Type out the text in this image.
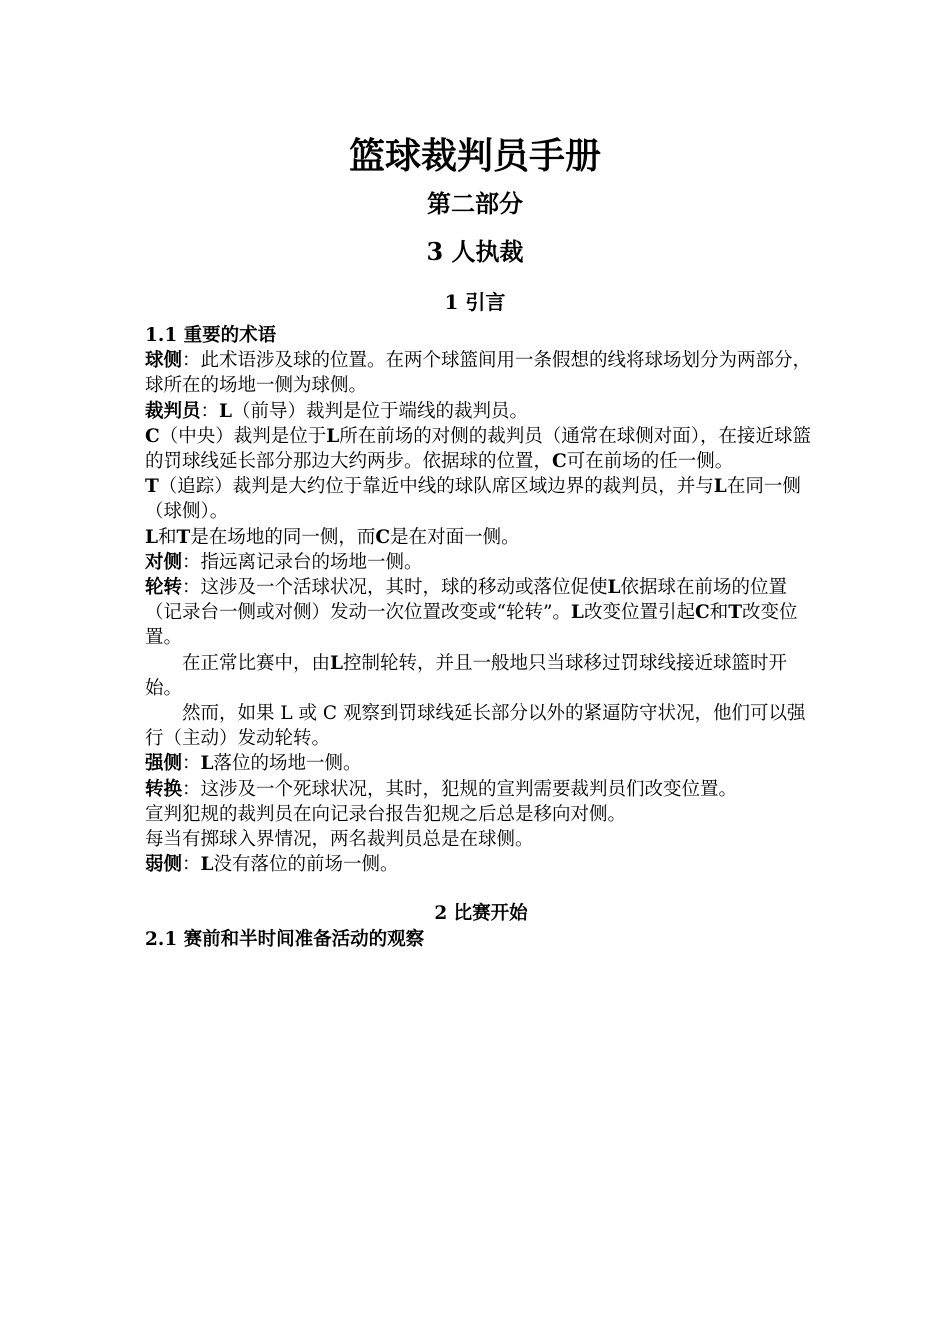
篮球裁判员手册
第二部分
3 人执裁
1 引言

1.1 重要的术语

球侧：此术语涉及球的位置。在两个球篮间用一条假想的线将球场划分为两部分，球所在的场地一侧为球侧。

裁判员：L（前导）裁判是位于端线的裁判员。

C（中央）裁判是位于L所在前场的对侧的裁判员（通常在球侧对面），在接近球篮的罚球线延长部分那边大约两步。依据球的位置，C可在前场的任一侧。

T（追踪）裁判是大约位于靠近中线的球队席区域边界的裁判员，并与L在同一侧（球侧）。

L和T是在场地的同一侧，而C是在对面一侧。

对侧：指远离记录台的场地一侧。

轮转：这涉及一个活球状况，其时，球的移动或落位促使L依据球在前场的位置（记录台一侧或对侧）发动一次位置改变或“轮转”。L改变位置引起C和T改变位置。

在正常比赛中，由L控制轮转，并且一般地只当球移过罚球线接近球篮时开始。

然而，如果 L 或 C 观察到罚球线延长部分以外的紧逼防守状况，他们可以强行（主动）发动轮转。

强侧：L落位的场地一侧。

转换：这涉及一个死球状况，其时，犯规的宣判需要裁判员们改变位置。

宣判犯规的裁判员在向记录台报告犯规之后总是移向对侧。

每当有掷球入界情况，两名裁判员总是在球侧。

弱侧：L没有落位的前场一侧。

2 比赛开始

2.1 赛前和半时间准备活动的观察
